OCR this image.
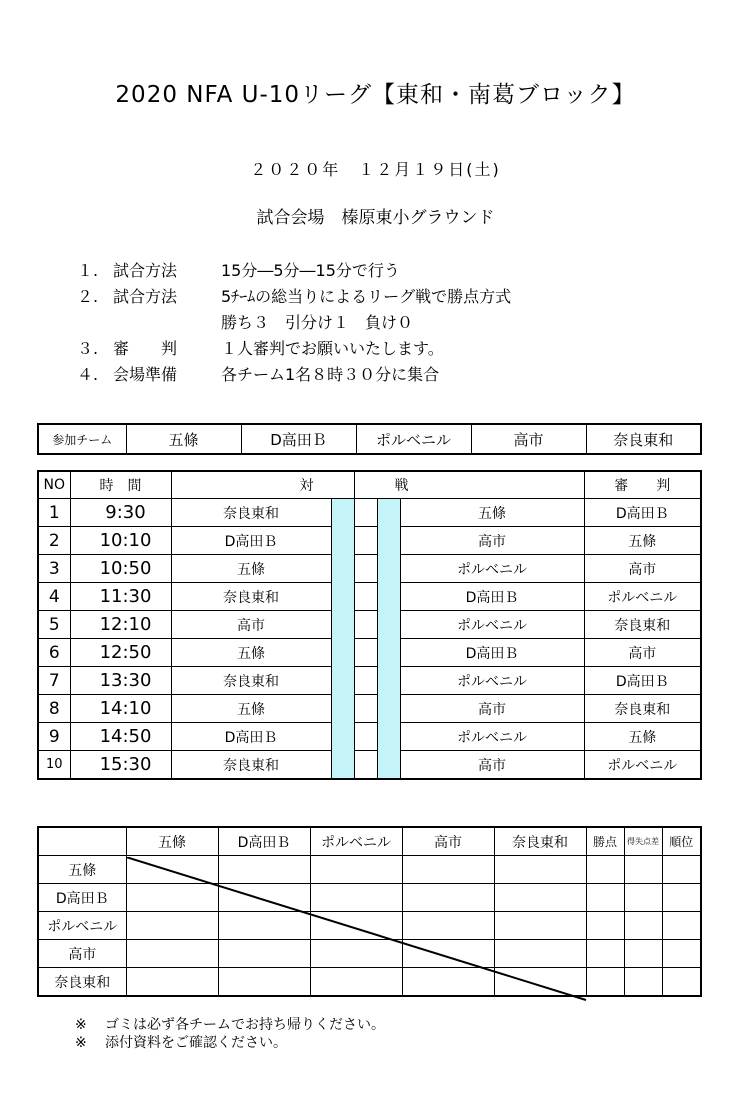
2020 NFA U-10リーグ【東和・南葛ブロック】
２０２０年　１２月１９日(土)
試合会場　榛原東小グラウンド
１. 試合方法	15分―5分―15分で行う
２. 試合方法	5ﾁｰﾑの総当りによるリーグ戦で勝点方式
勝ち３　引分け１　負け０
３. 審　　判	１人審判でお願いいたします。
４. 会場準備	各チーム1名８時３０分に集合
参加チーム	五條	D高田Ｂ	ポルベニル	高市	奈良東和
NO	時　間	対		戦			審　　判
1	9:30	奈良東和				五條	D高田Ｂ
2	10:10	D高田Ｂ				高市	五條
3	10:50	五條				ポルベニル	高市
4	11:30	奈良東和				D高田Ｂ	ポルベニル
5	12:10	高市				ポルベニル	奈良東和
6	12:50	五條				D高田Ｂ	高市
7	13:30	奈良東和				ポルベニル	D高田Ｂ
8	14:10	五條				高市	奈良東和
9	14:50	D高田Ｂ				ポルベニル	五條
10	15:30	奈良東和				高市	ポルベニル
	五條	D高田Ｂ	ポルベニル	高市	奈良東和	勝点	得失点差	順位
五條								
D高田Ｂ								
ポルベニル								
高市								
奈良東和								
※ ゴミは必ず各チームでお持ち帰りください。
※ 添付資料をご確認ください。
